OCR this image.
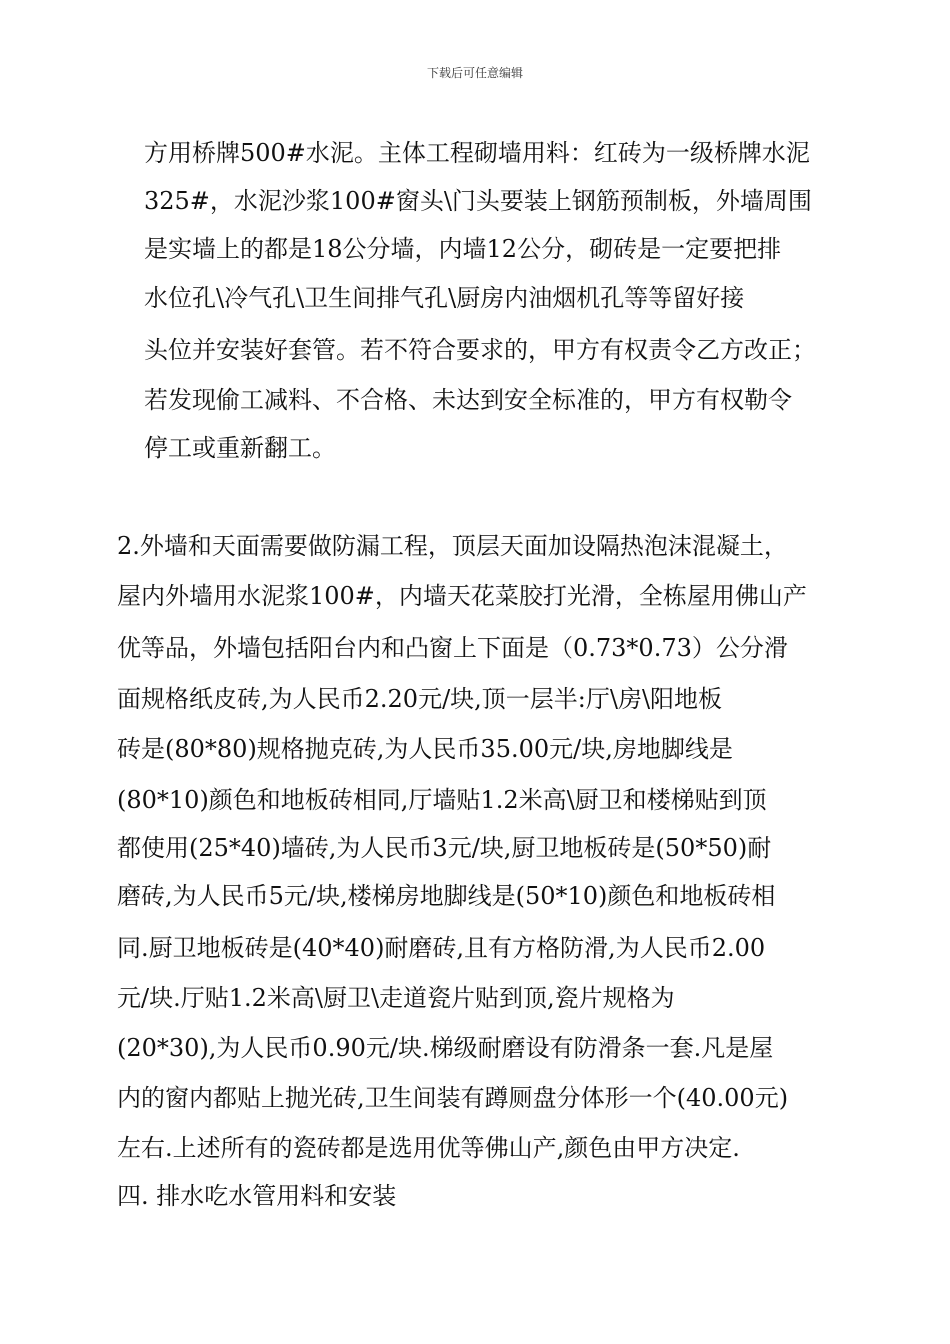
下载后可任意编辑
方用桥牌500#水泥。主体工程砌墙用料：红砖为一级桥牌水泥
325#，水泥沙浆100#窗头\门头要装上钢筋预制板，外墙周围
是实墙上的都是18公分墙，内墙12公分，砌砖是一定要把排
水位孔\冷气孔\卫生间排气孔\厨房内油烟机孔等等留好接
头位并安装好套管。若不符合要求的，甲方有权责令乙方改正；
若发现偷工减料、不合格、未达到安全标准的，甲方有权勒令
停工或重新翻工。
2.外墙和天面需要做防漏工程，顶层天面加设隔热泡沫混凝土，
屋内外墙用水泥浆100#，内墙天花菜胶打光滑，全栋屋用佛山产
优等品，外墙包括阳台内和凸窗上下面是（0.73*0.73）公分滑
面规格纸皮砖,为人民币2.20元/块,顶一层半:厅\房\阳地板
砖是(80*80)规格抛克砖,为人民币35.00元/块,房地脚线是
(80*10)颜色和地板砖相同,厅墙贴1.2米高\厨卫和楼梯贴到顶
都使用(25*40)墙砖,为人民币3元/块,厨卫地板砖是(50*50)耐
磨砖,为人民币5元/块,楼梯房地脚线是(50*10)颜色和地板砖相
同.厨卫地板砖是(40*40)耐磨砖,且有方格防滑,为人民币2.00
元/块.厅贴1.2米高\厨卫\走道瓷片贴到顶,瓷片规格为
(20*30),为人民币0.90元/块.梯级耐磨设有防滑条一套.凡是屋
内的窗内都贴上抛光砖,卫生间装有蹲厕盘分体形一个(40.00元)
左右.上述所有的瓷砖都是选用优等佛山产,颜色由甲方决定.
四. 排水吃水管用料和安装
